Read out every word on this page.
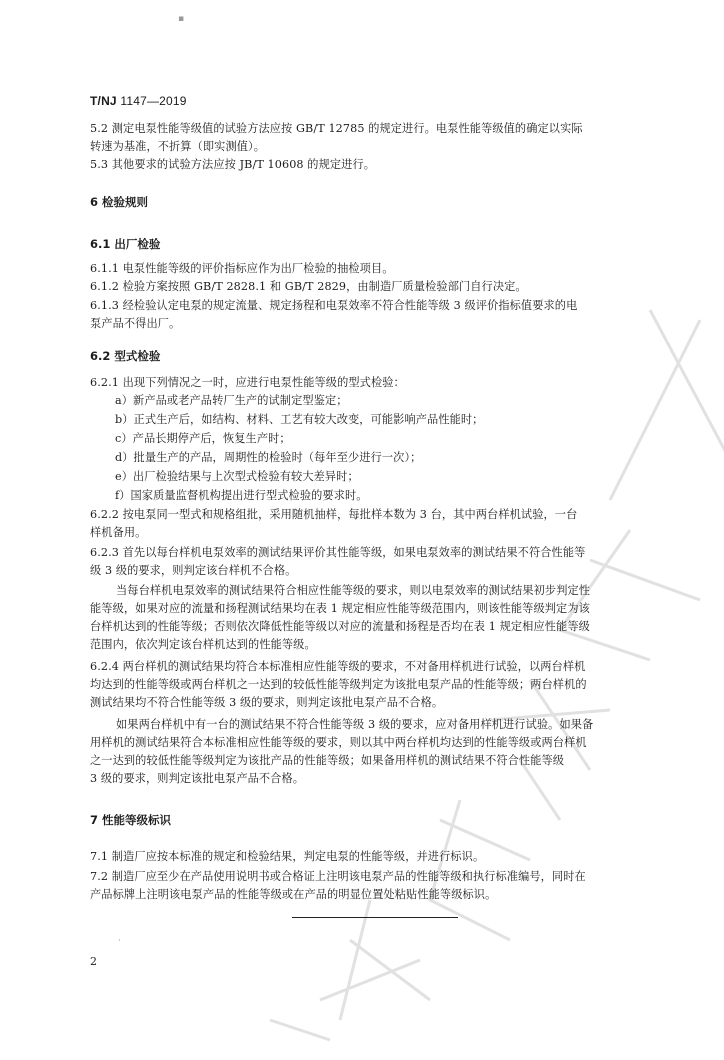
▪
T/NJ 1147—2019
5.2 测定电泵性能等级值的试验方法应按 GB/T 12785 的规定进行。电泵性能等级值的确定以实际
转速为基准，不折算（即实测值）。
5.3 其他要求的试验方法应按 JB/T 10608 的规定进行。
6 检验规则
6.1 出厂检验
6.1.1 电泵性能等级的评价指标应作为出厂检验的抽检项目。
6.1.2 检验方案按照 GB/T 2828.1 和 GB/T 2829，由制造厂质量检验部门自行决定。
6.1.3 经检验认定电泵的规定流量、规定扬程和电泵效率不符合性能等级 3 级评价指标值要求的电
泵产品不得出厂。
6.2 型式检验
6.2.1 出现下列情况之一时，应进行电泵性能等级的型式检验：
a）新产品或老产品转厂生产的试制定型鉴定；
b）正式生产后，如结构、材料、工艺有较大改变，可能影响产品性能时；
c）产品长期停产后，恢复生产时；
d）批量生产的产品，周期性的检验时（每年至少进行一次）；
e）出厂检验结果与上次型式检验有较大差异时；
f）国家质量监督机构提出进行型式检验的要求时。
6.2.2 按电泵同一型式和规格组批，采用随机抽样，每批样本数为 3 台，其中两台样机试验，一台
样机备用。
6.2.3 首先以每台样机电泵效率的测试结果评价其性能等级，如果电泵效率的测试结果不符合性能等
级 3 级的要求，则判定该台样机不合格。
当每台样机电泵效率的测试结果符合相应性能等级的要求，则以电泵效率的测试结果初步判定性
能等级，如果对应的流量和扬程测试结果均在表 1 规定相应性能等级范围内，则该性能等级判定为该
台样机达到的性能等级；否则依次降低性能等级以对应的流量和扬程是否均在表 1 规定相应性能等级
范围内，依次判定该台样机达到的性能等级。
6.2.4 两台样机的测试结果均符合本标准相应性能等级的要求，不对备用样机进行试验，以两台样机
均达到的性能等级或两台样机之一达到的较低性能等级判定为该批电泵产品的性能等级；两台样机的
测试结果均不符合性能等级 3 级的要求，则判定该批电泵产品不合格。
如果两台样机中有一台的测试结果不符合性能等级 3 级的要求，应对备用样机进行试验。如果备
用样机的测试结果符合本标准相应性能等级的要求，则以其中两台样机均达到的性能等级或两台样机
之一达到的较低性能等级判定为该批产品的性能等级；如果备用样机的测试结果不符合性能等级
3 级的要求，则判定该批电泵产品不合格。
7 性能等级标识
7.1 制造厂应按本标准的规定和检验结果，判定电泵的性能等级，并进行标识。
7.2 制造厂应至少在产品使用说明书或合格证上注明该电泵产品的性能等级和执行标准编号，同时在
产品标牌上注明该电泵产品的性能等级或在产品的明显位置处粘贴性能等级标识。
·
2
